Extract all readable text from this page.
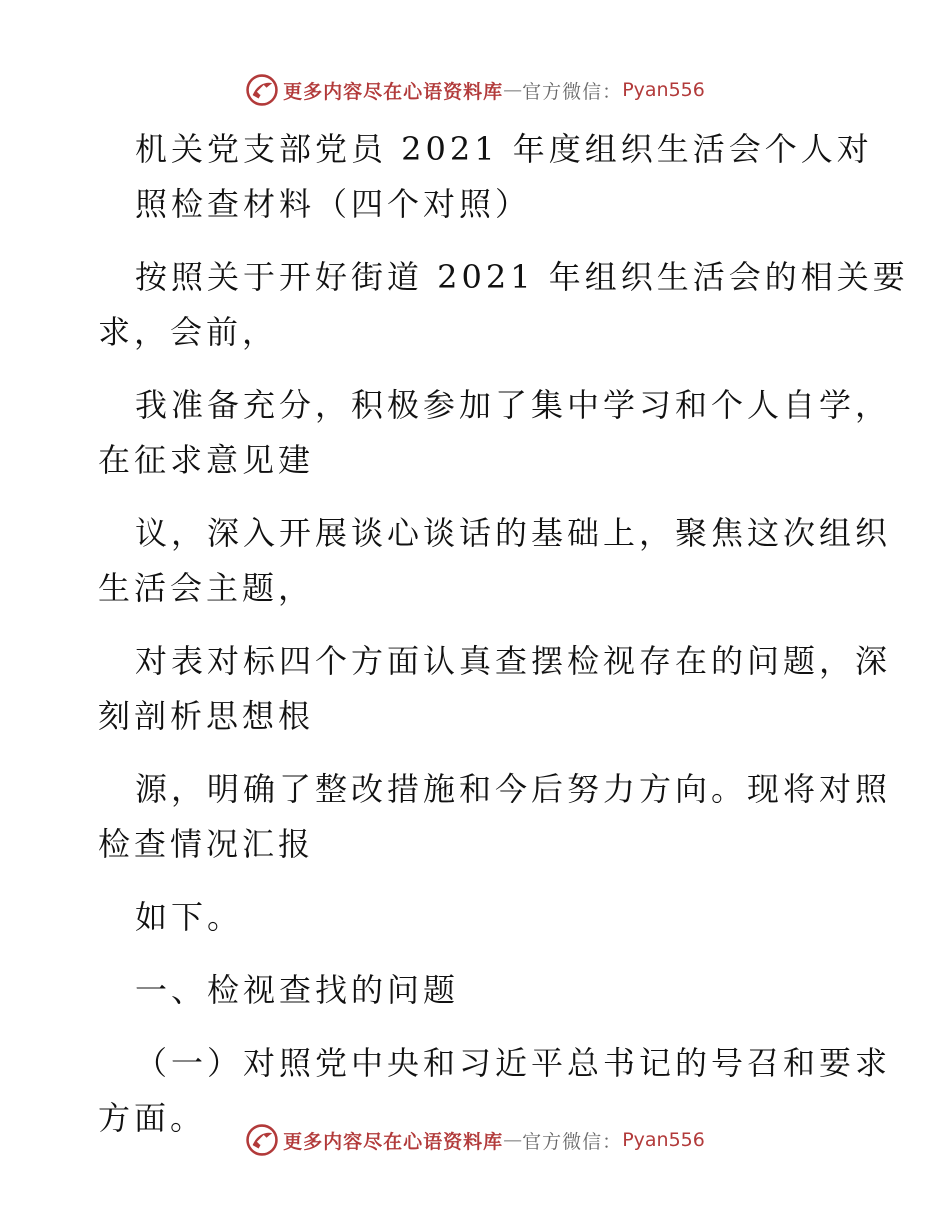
更多内容尽在心语资料库 — 官方微信： Pyan556
机关党支部党员 2021 年度组织生活会个人对
照检查材料（四个对照）
按照关于开好街道 2021 年组织生活会的相关要
求，会前，
我准备充分，积极参加了集中学习和个人自学，
在征求意见建
议，深入开展谈心谈话的基础上，聚焦这次组织
生活会主题，
对表对标四个方面认真查摆检视存在的问题，深
刻剖析思想根
源，明确了整改措施和今后努力方向。现将对照
检查情况汇报
如下。
一、检视查找的问题
（一）对照党中央和习近平总书记的号召和要求
方面。
更多内容尽在心语资料库 — 官方微信： Pyan556
